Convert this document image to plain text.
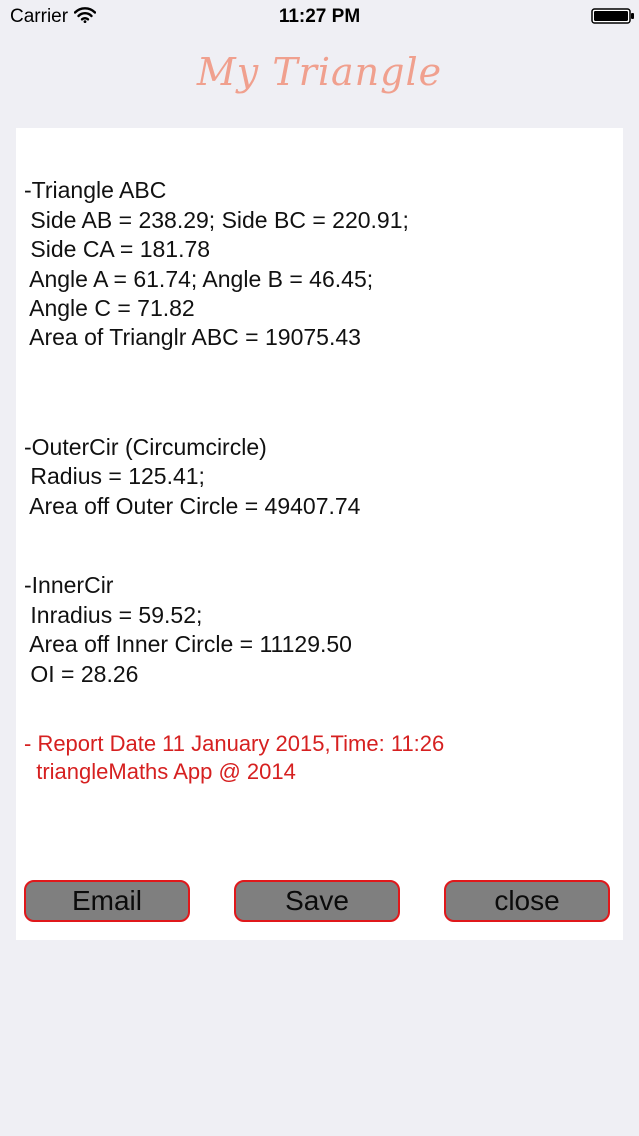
Carrier	11:27 PM
My Triangle
-Triangle ABC
Side AB = 238.29; Side BC = 220.91;
Side CA = 181.78
Angle A = 61.74; Angle B = 46.45;
Angle C = 71.82
Area of Trianglr ABC = 19075.43
-OuterCir (Circumcircle)
Radius = 125.41;
Area off Outer Circle = 49407.74
-InnerCir
Inradius = 59.52;
Area off Inner Circle = 11129.50
OI = 28.26
- Report Date 11 January 2015,Time: 11:26
triangleMaths App @ 2014
Email	Save	close
